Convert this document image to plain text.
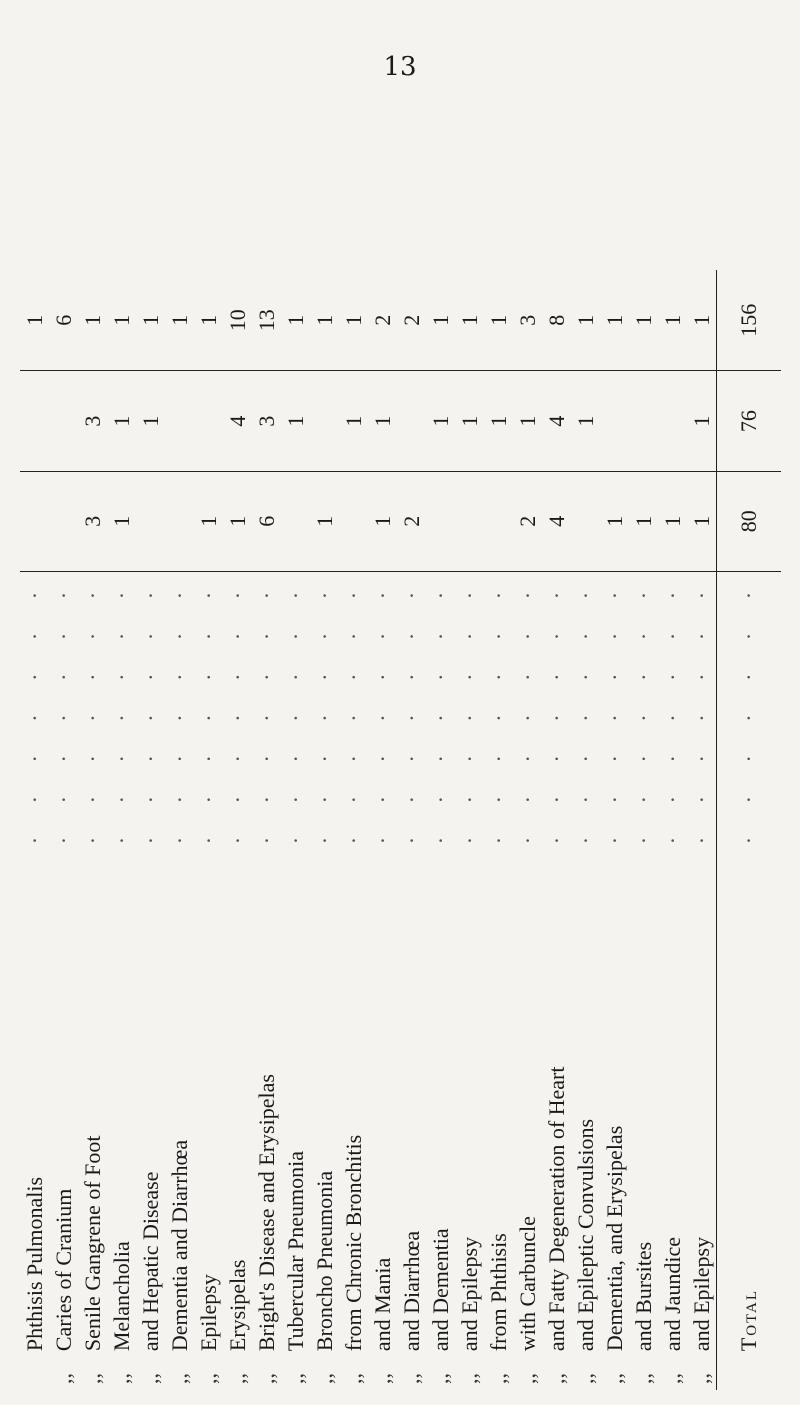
13
	Phthisis Pulmonalis	· · · · · · ·			1
,,	Caries of Cranium	· · · · · · ·			6
,,	Senile Gangrene of Foot	· · · · · · ·	3	3	1
,,	Melancholia	· · · · · · ·	1	1	1
,,	and Hepatic Disease	· · · · · · ·		1	1
,,	Dementia and Diarrhœa	· · · · · · ·			1
,,	Epilepsy	· · · · · · ·	1		1
,,	Erysipelas	· · · · · · ·	1	4	10
,,	Bright's Disease and Erysipelas	· · · · · · ·	6	3	13
,,	Tubercular Pneumonia	· · · · · · ·		1	1
,,	Broncho Pneumonia	· · · · · · ·	1		1
,,	from Chronic Bronchitis	· · · · · · ·		1	1
,,	and Mania	· · · · · · ·	1	1	2
,,	and Diarrhœa	· · · · · · ·	2		2
,,	and Dementia	· · · · · · ·		1	1
,,	and Epilepsy	· · · · · · ·		1	1
,,	from Phthisis	· · · · · · ·		1	1
,,	with Carbuncle	· · · · · · ·	2	1	3
,,	and Fatty Degeneration of Heart	· · · · · · ·	4	4	8
,,	and Epileptic Convulsions	· · · · · · ·		1	1
,,	Dementia, and Erysipelas	· · · · · · ·	1		1
,,	and Bursites	· · · · · · ·	1		1
,,	and Jaundice	· · · · · · ·	1		1
,,	and Epilepsy	· · · · · · ·	1	1	1
	Total	· · · · · · ·	80	76	156
